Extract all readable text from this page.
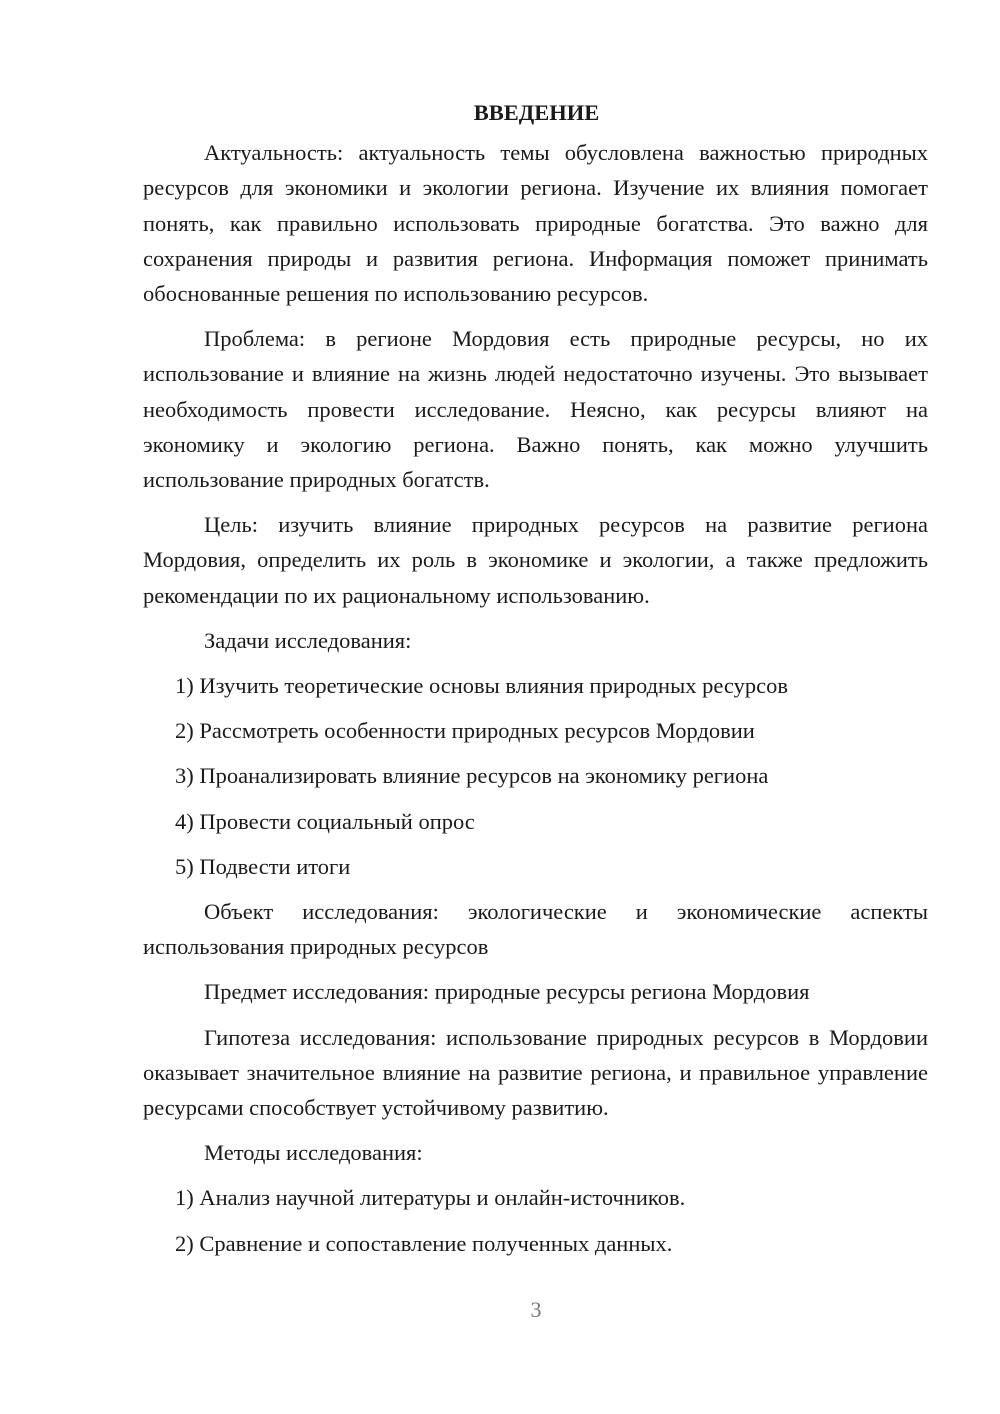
ВВЕДЕНИЕ

Актуальность: актуальность темы обусловлена важностью природных ресурсов для экономики и экологии региона. Изучение их влияния помогает понять, как правильно использовать природные богатства. Это важно для сохранения природы и развития региона. Информация поможет принимать обоснованные решения по использованию ресурсов.

Проблема: в регионе Мордовия есть природные ресурсы, но их использование и влияние на жизнь людей недостаточно изучены. Это вызывает необходимость провести исследование. Неясно, как ресурсы влияют на экономику и экологию региона. Важно понять, как можно улучшить использование природных богатств.

Цель: изучить влияние природных ресурсов на развитие региона Мордовия, определить их роль в экономике и экологии, а также предложить рекомендации по их рациональному использованию.

Задачи исследования:

1) Изучить теоретические основы влияния природных ресурсов
2) Рассмотреть особенности природных ресурсов Мордовии
3) Проанализировать влияние ресурсов на экономику региона
4) Провести социальный опрос
5) Подвести итоги

Объект исследования: экологические и экономические аспекты использования природных ресурсов

Предмет исследования: природные ресурсы региона Мордовия

Гипотеза исследования: использование природных ресурсов в Мордовии оказывает значительное влияние на развитие региона, и правильное управление ресурсами способствует устойчивому развитию.

Методы исследования:

1) Анализ научной литературы и онлайн-источников.
2) Сравнение и сопоставление полученных данных.
3
